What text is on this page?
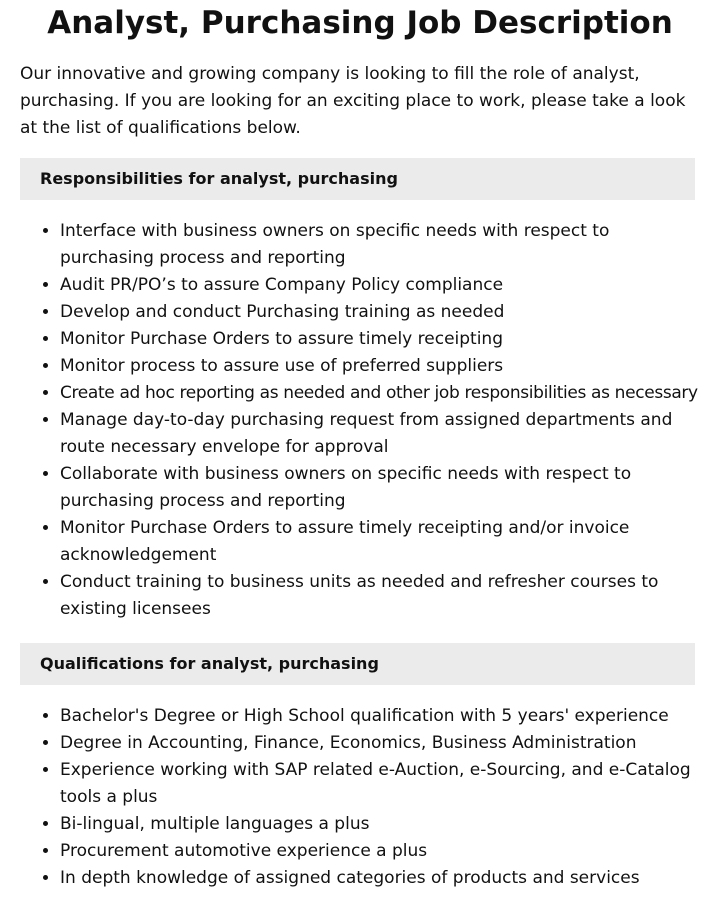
Analyst, Purchasing Job Description

Our innovative and growing company is looking to fill the role of analyst, purchasing. If you are looking for an exciting place to work, please take a look at the list of qualifications below.

Responsibilities for analyst, purchasing
• Interface with business owners on specific needs with respect to purchasing process and reporting
• Audit PR/PO’s to assure Company Policy compliance
• Develop and conduct Purchasing training as needed
• Monitor Purchase Orders to assure timely receipting
• Monitor process to assure use of preferred suppliers
• Create ad hoc reporting as needed and other job responsibilities as necessary
• Manage day-to-day purchasing request from assigned departments and route necessary envelope for approval
• Collaborate with business owners on specific needs with respect to purchasing process and reporting
• Monitor Purchase Orders to assure timely receipting and/or invoice acknowledgement
• Conduct training to business units as needed and refresher courses to existing licensees
Qualifications for analyst, purchasing
• Bachelor's Degree or High School qualification with 5 years' experience
• Degree in Accounting, Finance, Economics, Business Administration
• Experience working with SAP related e-Auction, e-Sourcing, and e-Catalog tools a plus
• Bi-lingual, multiple languages a plus
• Procurement automotive experience a plus
• In depth knowledge of assigned categories of products and services
